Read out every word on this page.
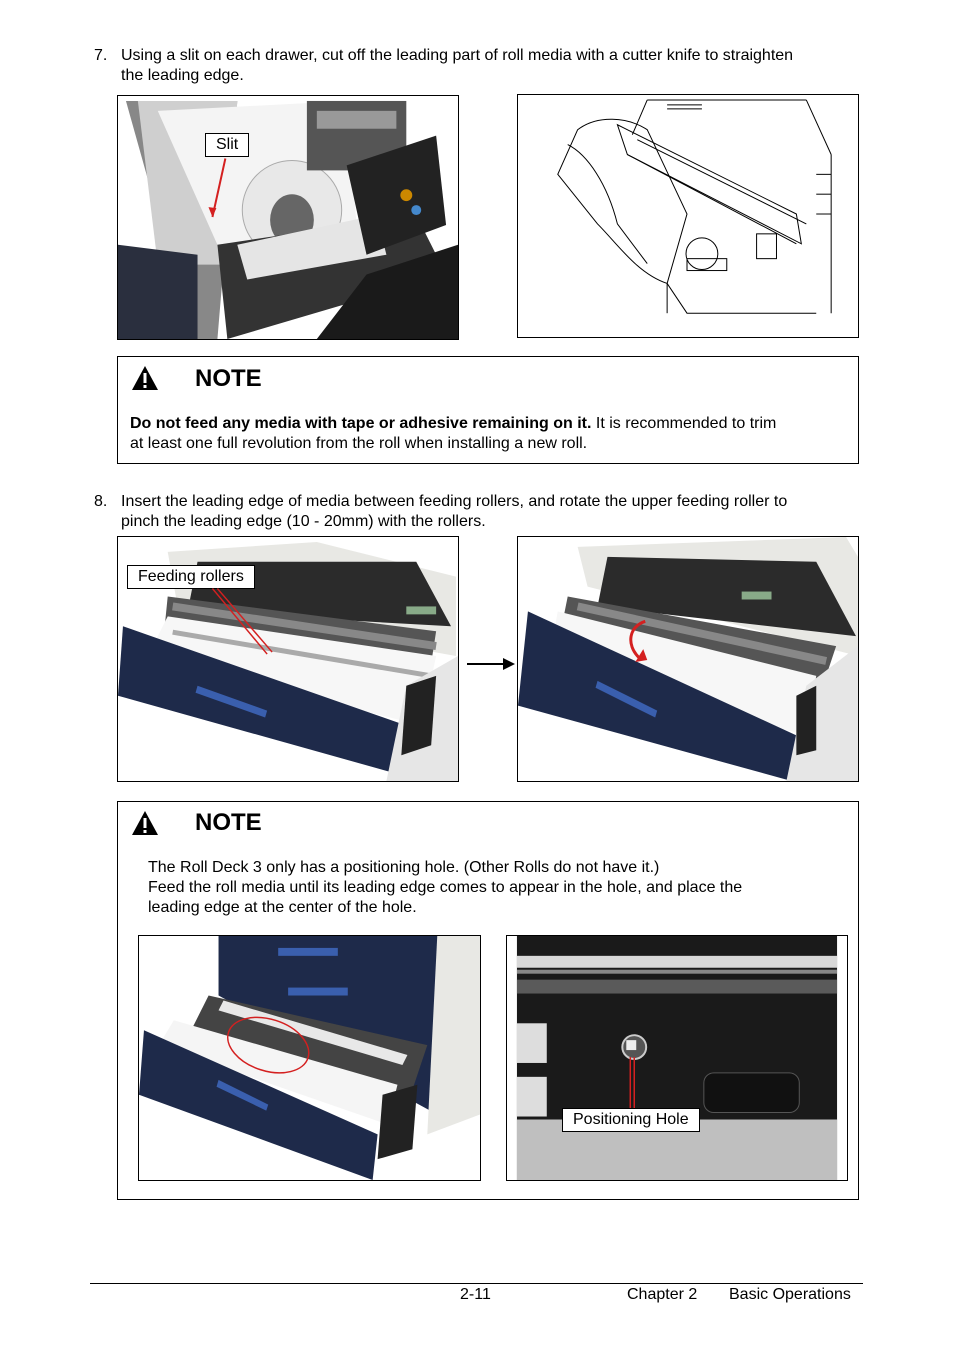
7. Using a slit on each drawer, cut off the leading part of roll media with a cutter knife to straighten
the leading edge.
Slit
NOTE
Do not feed any media with tape or adhesive remaining on it. It is recommended to trim
at least one full revolution from the roll when installing a new roll.
8. Insert the leading edge of media between feeding rollers, and rotate the upper feeding roller to
pinch the leading edge (10 - 20mm) with the rollers.
Feeding rollers
NOTE
The Roll Deck 3 only has a positioning hole. (Other Rolls do not have it.)
Feed the roll media until its leading edge comes to appear in the hole, and place the
leading edge at the center of the hole.
Positioning Hole
2-11	Chapter 2 Basic Operations
